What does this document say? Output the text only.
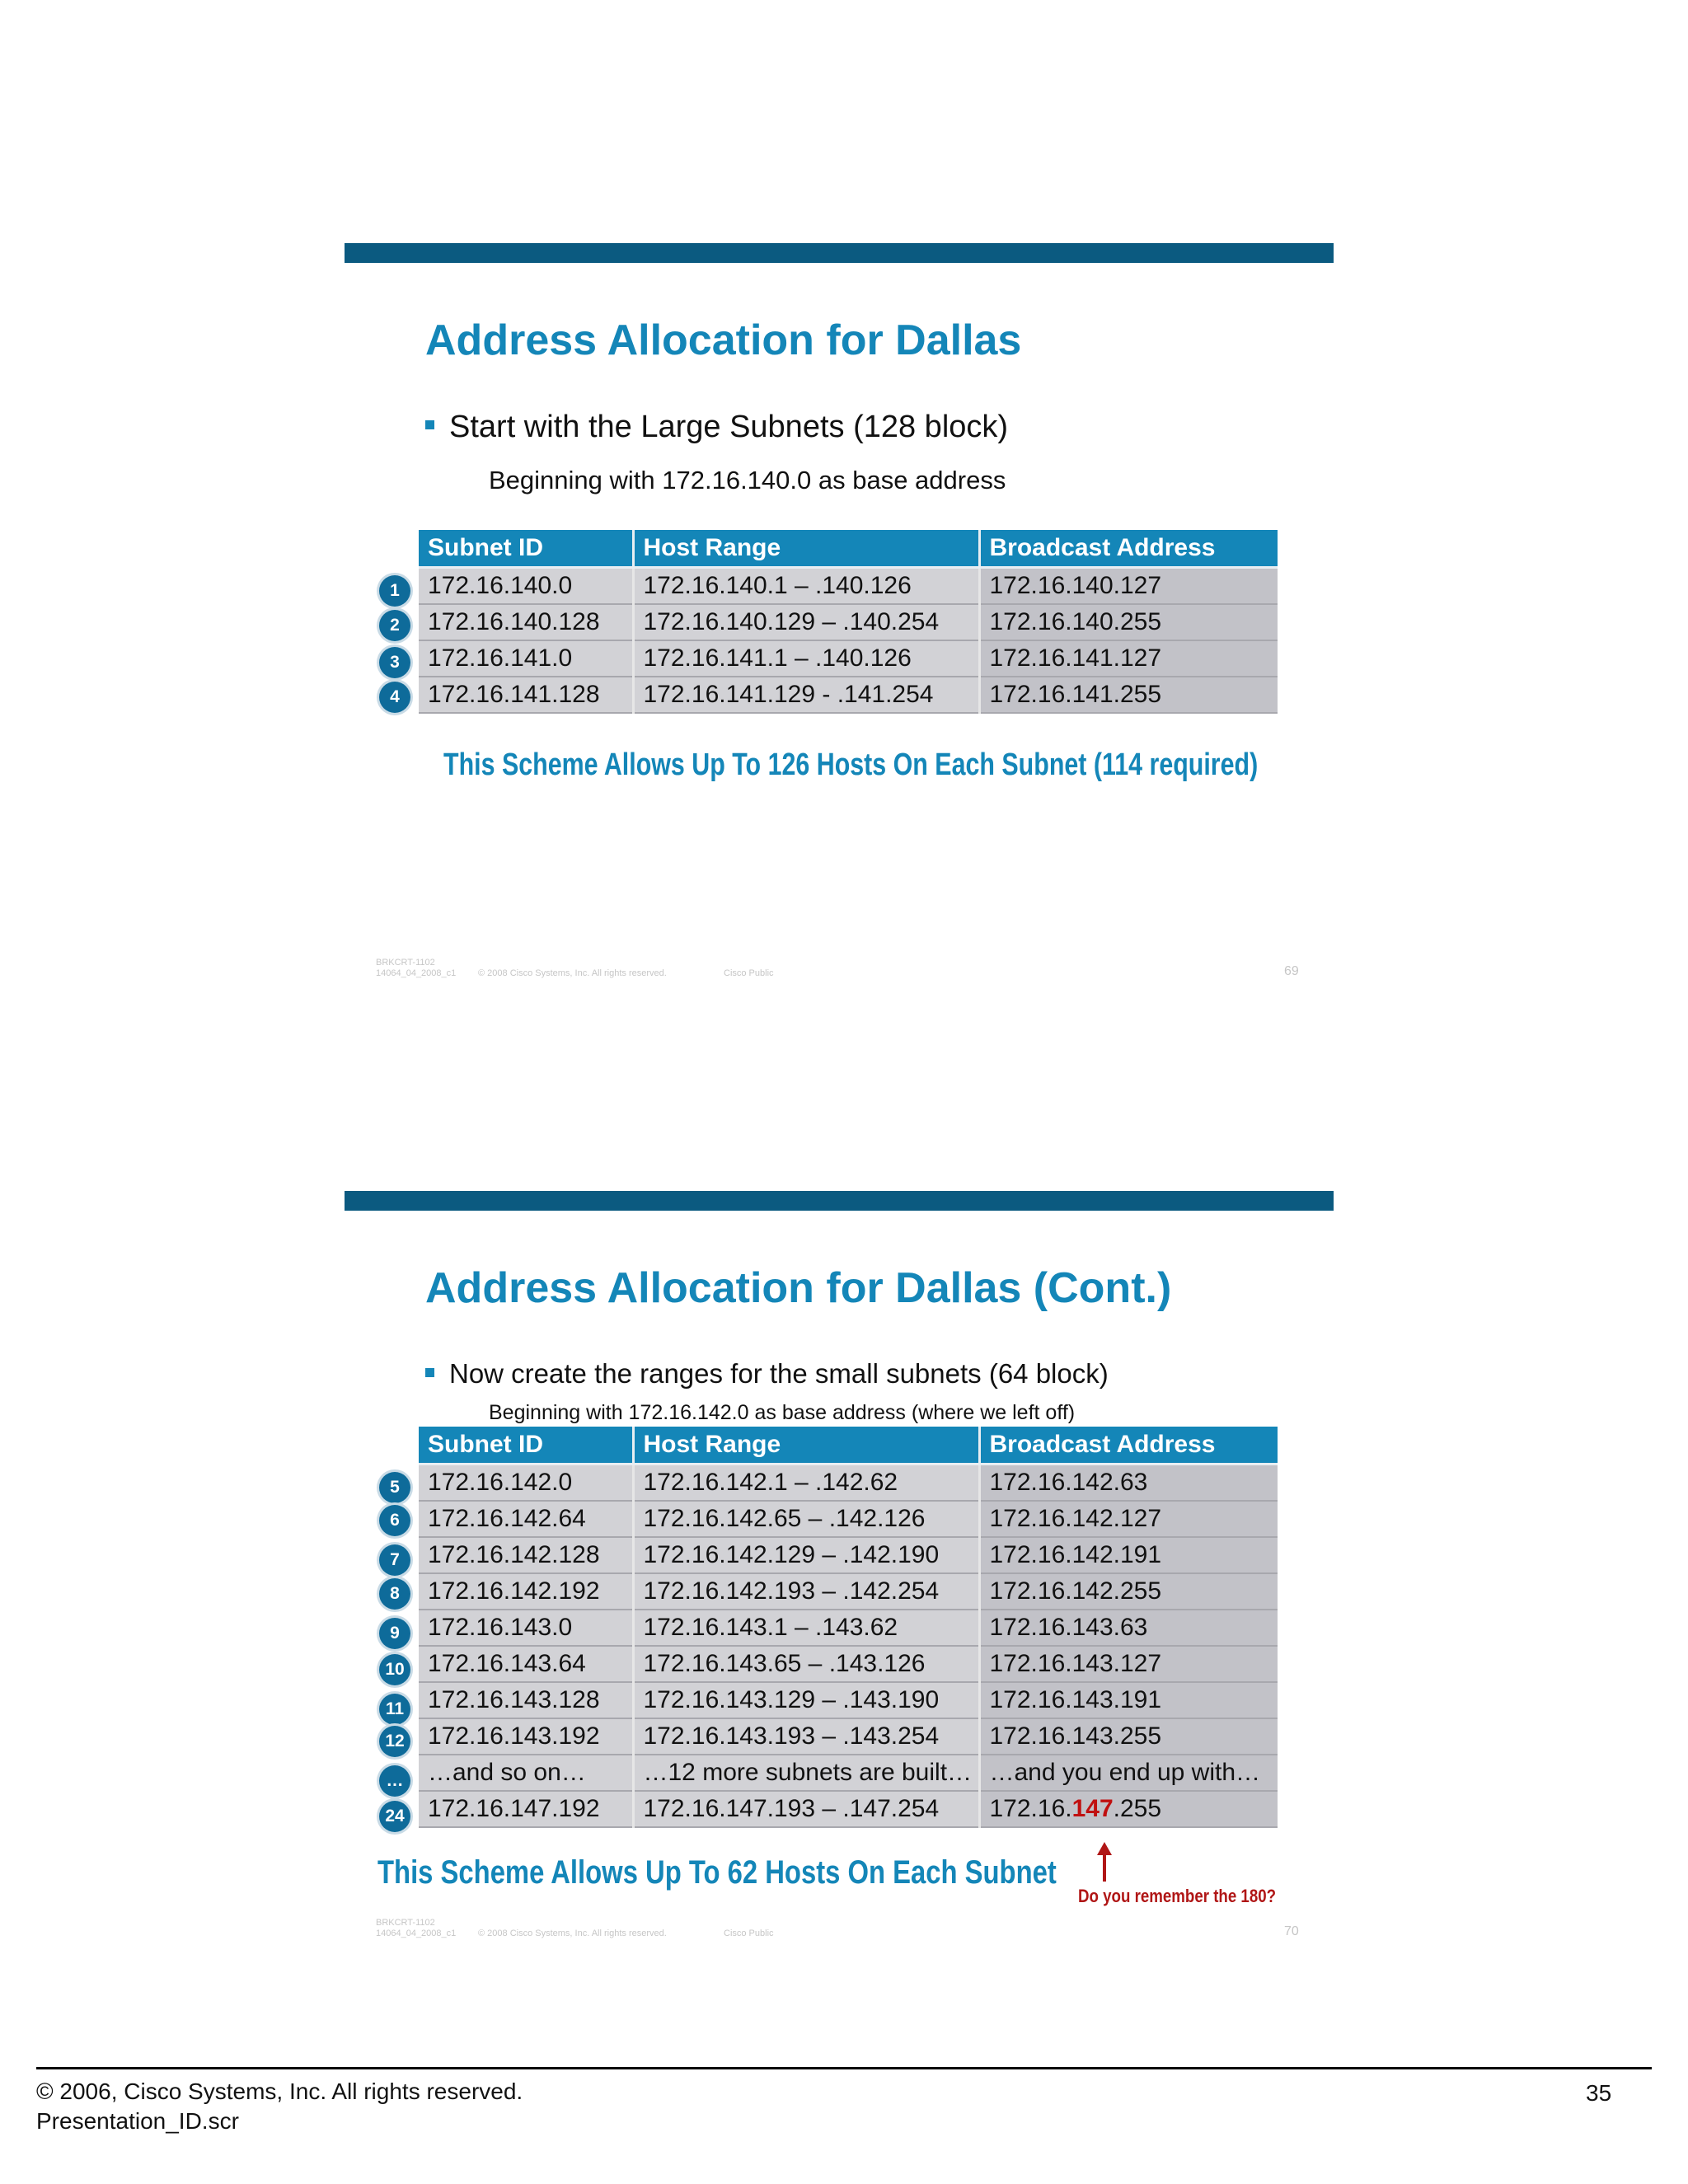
Address Allocation for Dallas
Start with the Large Subnets (128 block)
Beginning with 172.16.140.0 as base address
Subnet ID	Host Range	Broadcast Address
172.16.140.0	172.16.140.1 – .140.126	172.16.140.127
172.16.140.128	172.16.140.129 – .140.254	172.16.140.255
172.16.141.0	172.16.141.1 – .140.126	172.16.141.127
172.16.141.128	172.16.141.129 - .141.254	172.16.141.255
1
2
3
4
This Scheme Allows Up To 126 Hosts On Each Subnet (114 required)
BRKCRT-1102
14064_04_2008_c1 © 2008 Cisco Systems, Inc. All rights reserved.	Cisco Public	69
Address Allocation for Dallas (Cont.)
Now create the ranges for the small subnets (64 block)
Beginning with 172.16.142.0 as base address (where we left off)
Subnet ID	Host Range	Broadcast Address
172.16.142.0	172.16.142.1 – .142.62	172.16.142.63
172.16.142.64	172.16.142.65 – .142.126	172.16.142.127
172.16.142.128	172.16.142.129 – .142.190	172.16.142.191
172.16.142.192	172.16.142.193 – .142.254	172.16.142.255
172.16.143.0	172.16.143.1 – .143.62	172.16.143.63
172.16.143.64	172.16.143.65 – .143.126	172.16.143.127
172.16.143.128	172.16.143.129 – .143.190	172.16.143.191
172.16.143.192	172.16.143.193 – .143.254	172.16.143.255
…and so on…	…12 more subnets are built…	…and you end up with…
172.16.147.192	172.16.147.193 – .147.254	172.16.147.255
5
6
7
8
9
10
11
12
…
24
This Scheme Allows Up To 62 Hosts On Each Subnet
Do you remember the 180?
BRKCRT-1102
14064_04_2008_c1 © 2008 Cisco Systems, Inc. All rights reserved.	Cisco Public	70
© 2006, Cisco Systems, Inc. All rights reserved.
Presentation_ID.scr
35
